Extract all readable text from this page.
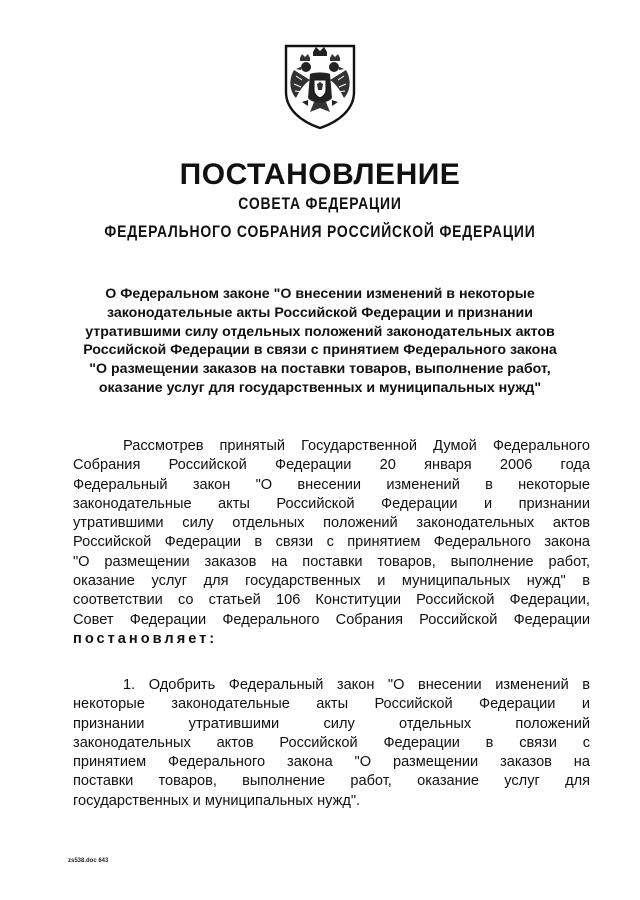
ПОСТАНОВЛЕНИЕ
СОВЕТА ФЕДЕРАЦИИ
ФЕДЕРАЛЬНОГО СОБРАНИЯ РОССИЙСКОЙ ФЕДЕРАЦИИ
О Федеральном законе "О внесении изменений в некоторые
законодательные акты Российской Федерации и признании
утратившими силу отдельных положений законодательных актов
Российской Федерации в связи с принятием Федерального закона
"О размещении заказов на поставки товаров, выполнение работ,
оказание услуг для государственных и муниципальных нужд"
Рассмотрев принятый Государственной Думой Федерального
Собрания Российской Федерации 20 января 2006 года
Федеральный закон "О внесении изменений в некоторые
законодательные акты Российской Федерации и признании
утратившими силу отдельных положений законодательных актов
Российской Федерации в связи с принятием Федерального закона
"О размещении заказов на поставки товаров, выполнение работ,
оказание услуг для государственных и муниципальных нужд" в
соответствии со статьей 106 Конституции Российской Федерации,
Совет Федерации Федерального Собрания Российской Федерации
постановляет:
1. Одобрить Федеральный закон "О внесении изменений в
некоторые законодательные акты Российской Федерации и
признании утратившими силу отдельных положений
законодательных актов Российской Федерации в связи с
принятием Федерального закона "О размещении заказов на
поставки товаров, выполнение работ, оказание услуг для
государственных и муниципальных нужд".
zs538.doc 643
